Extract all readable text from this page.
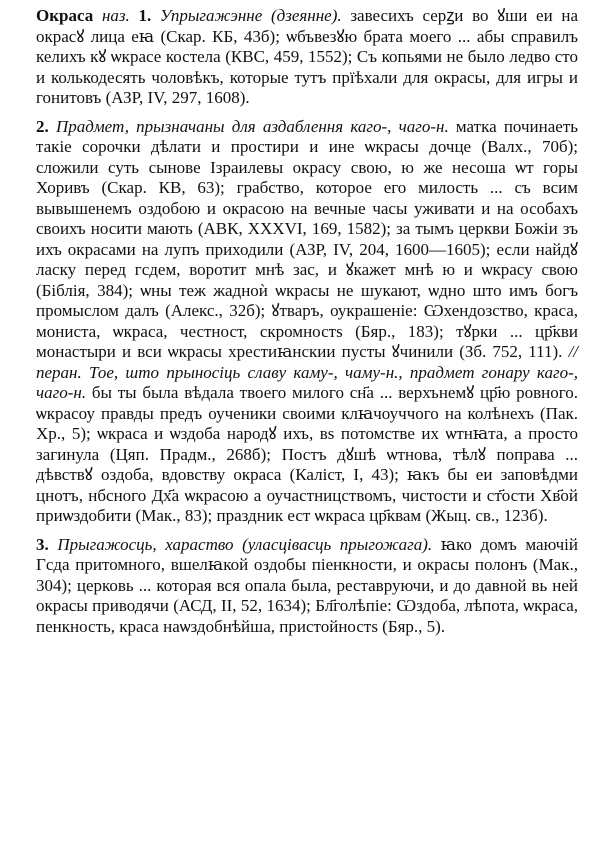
Окраса наз. 1. Упрыгажэнне (дзеянне). завесихъ серꙁи во ꙋши еи на окрасꙋ лица еꙗ (Скар. КБ, 43б); ѡбъвезꙋю брата моего ... абы справилъ келихъ кꙋ ѡкрасе костела (КВС, 459, 1552); Съ копьями не было ледво сто и колькодесять чоловѣкъ, которые тутъ прїѣхали для окрасы, для игры и гонитовъ (АЗР, IV, 297, 1608).

2. Прадмет, прызначаны для аздаблення каго-, чаго-н. матка починаеть такiе сорочки дѣлати и простири и ине ѡкрасы дочце (Валх., 70б); сложили суть сынове Ізраилевы окрасу свою, ю же несоша ѡт горы Хоривъ (Скар. КВ, 63); грабство, которое его милость ... съ всим вывышенемъ оздобою и окрасою на вечные часы уживати и на особахъ своихъ носити мають (АВК, XXXVI, 169, 1582); за тымъ церкви Божiи зъ ихъ окрасами на лупъ приходили (АЗР, IV, 204, 1600—1605); если найдꙋ ласку перед гсдем, воротит мнѣ зас, и ꙋкажет мнѣ ю и ѡкрасу свою (Бiблiя, 384); ѡны теж жадноѝ ѡкрасы не шукают, ѡдно што имъ богъ промыслом далъ (Алекс., 32б); ꙋтваръ, оукрашенiе: Ѡхендозство, краса, мониста, ѡкраса, честност, скромностѕ (Бяр., 183); тꙋрки ... цр҃кви монастыри и вси ѡкрасы хрестиꙗнскии пусты ꙋчинили (Зб. 752, 111). // перан. Тое, што прыносіць славу каму-, чаму-н., прадмет гонару каго-, чаго-н. бы ты была вѣдала твоего милого сн҃а ... верхънемꙋ цр҃ю ровного. ѡкрасоу правды предъ оученики своими клꙗчоуччого на колѣнехъ (Пак. Хр., 5); ѡкраса и ѡздоба народꙋ ихъ, вѕ потомстве их ѡтнꙗта, а просто загинула (Цяп. Прадм., 268б); Постъ дꙋшѣ ѡтнова, тѣлꙋ поправа ... дѣвствꙋ оздоба, вдовству окраса (Каліст, I, 43); ꙗкъ бы еи заповѣдми цнотъ, нбсного Дх҃а ѡкрасою а оучастницствомъ, чистости и ст҃ости Хв҃ой приѡздобити (Мак., 83); праздник ест ѡкраса цр҃квам (Жыц. св., 123б).

3. Прыгажосць, хараство (уласцівасць прыгожага). ꙗко домъ маючiй Гсда притомного, вшелꙗкой оздобы пiенкности, и окрасы полонъ (Мак., 304); церковь ... которая вся опала была, реставруючи, и до давной вь ней окрасы приводячи (АСД, II, 52, 1634); Бл҃голѣпiе: Ѡздоба, лѣпота, ѡкраса, пенкность, краса наѡздобнѣйша, пристойностѕ (Бяр., 5).
